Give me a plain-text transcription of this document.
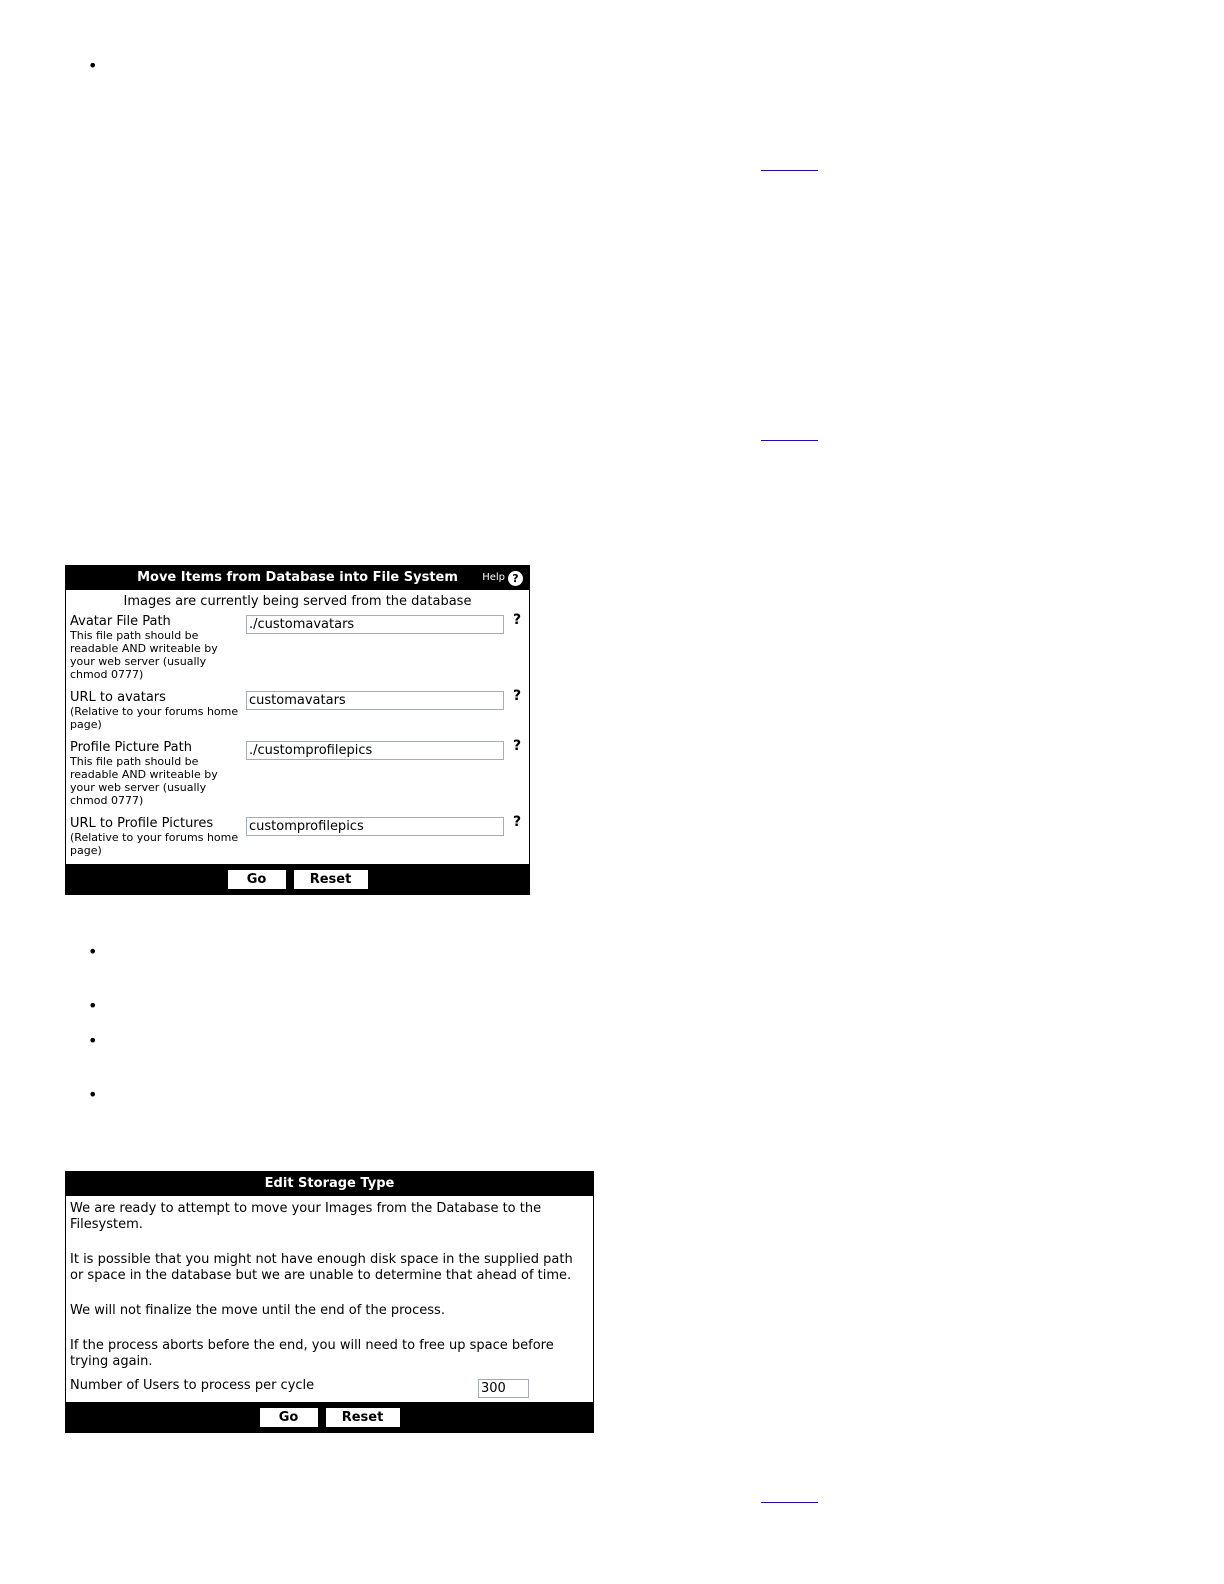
•
Move Items from Database into File System Help ?
Images are currently being served from the database
Avatar File Path
This file path should be readable AND writeable by your web server (usually chmod 0777)
./customavatars
?
URL to avatars
(Relative to your forums home page)
customavatars
?
Profile Picture Path
This file path should be readable AND writeable by your web server (usually chmod 0777)
./customprofilepics
?
URL to Profile Pictures
(Relative to your forums home page)
customprofilepics
?
Go	Reset
•
•
•
•
Edit Storage Type

We are ready to attempt to move your Images from the Database to the Filesystem.

It is possible that you might not have enough disk space in the supplied path or space in the database but we are unable to determine that ahead of time.

We will not finalize the move until the end of the process.

If the process aborts before the end, you will need to free up space before trying again.

Number of Users to process per cycle
300
Go	Reset
